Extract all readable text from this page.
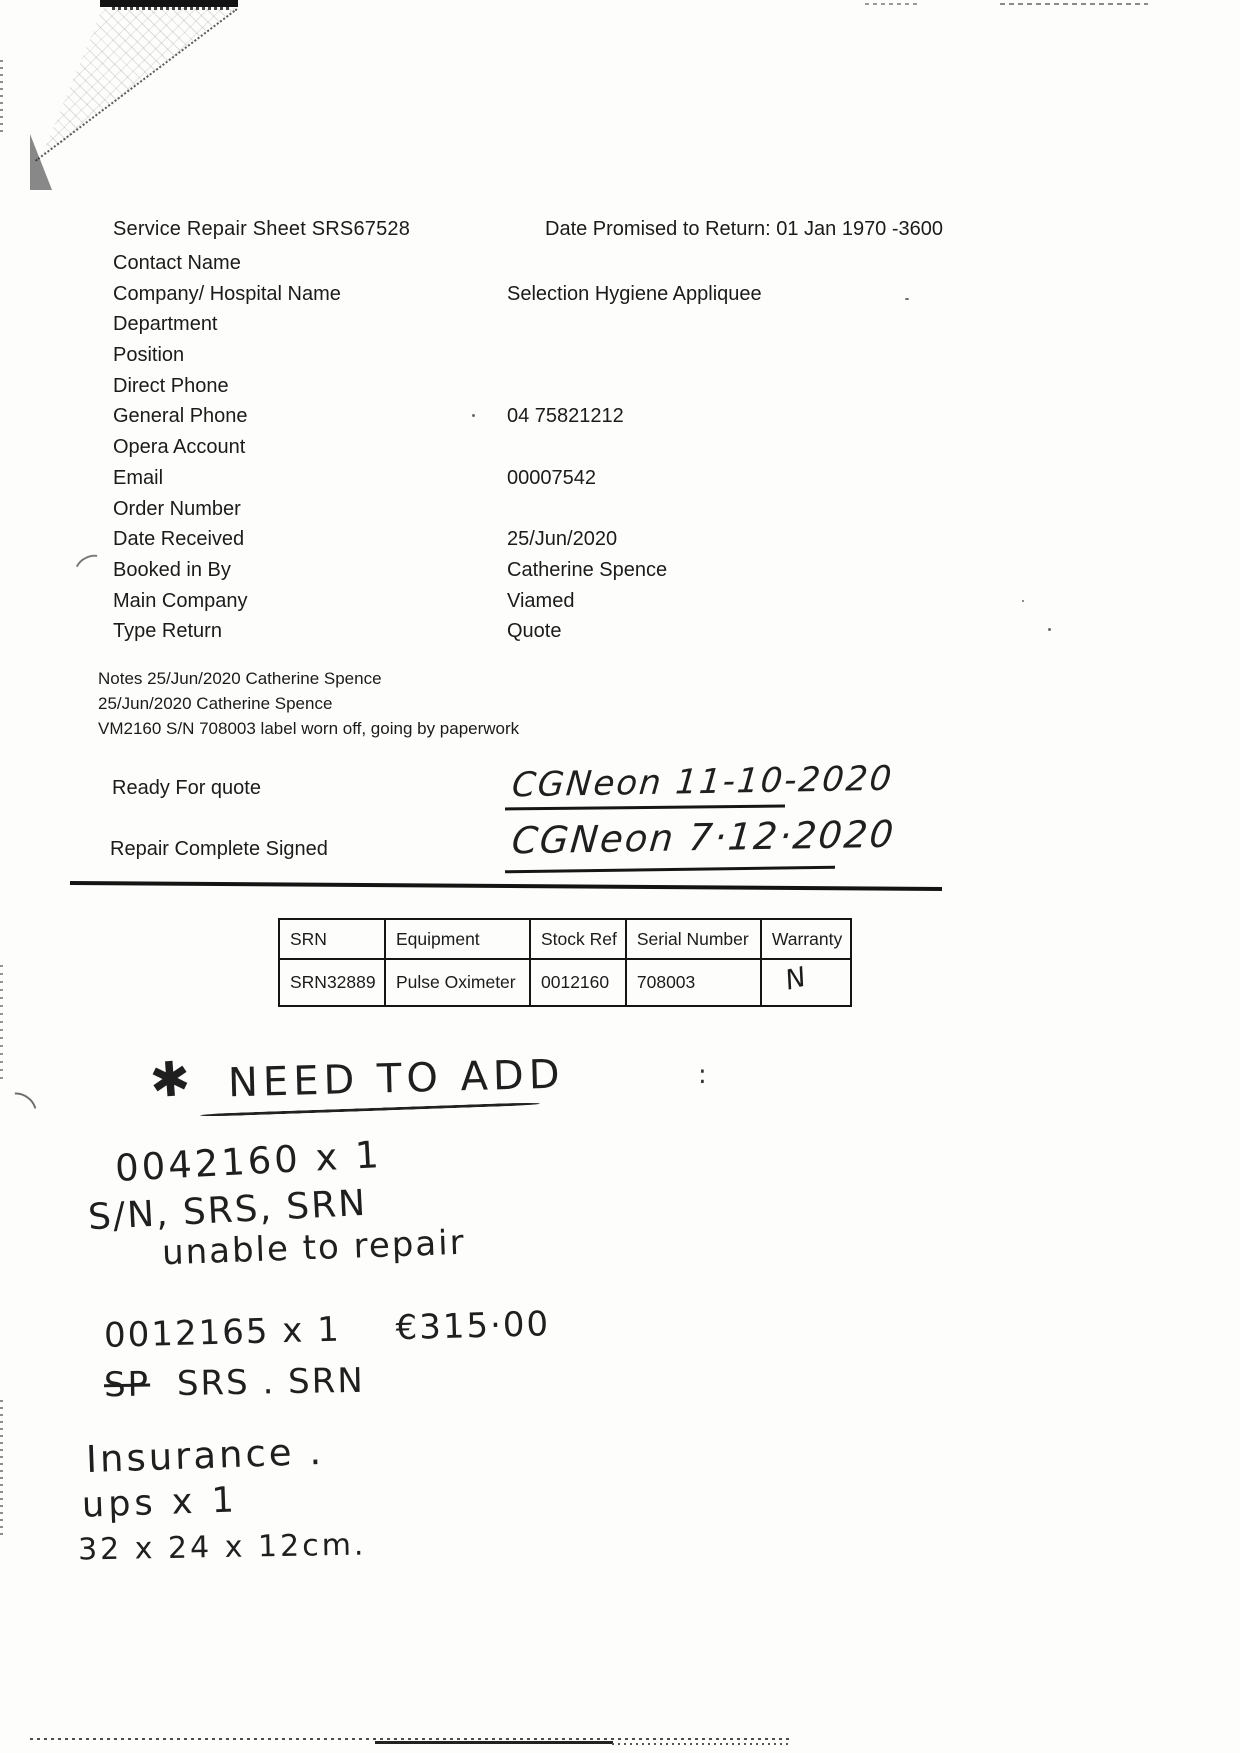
Service Repair Sheet SRS67528	Date Promised to Return: 01 Jan 1970 -3600
Contact Name
Company/ Hospital Name	Selection Hygiene Appliquee
Department
Position
Direct Phone
General Phone	04 75821212
Opera Account
Email	00007542
Order Number
Date Received	25/Jun/2020
Booked in By	Catherine Spence
Main Company	Viamed
Type Return	Quote
Notes 25/Jun/2020 Catherine Spence
25/Jun/2020 Catherine Spence
VM2160 S/N 708003 label worn off, going by paperwork
Ready For quote	CGNeon 11-10-2020
Repair Complete Signed	CGNeon 7·12·2020
SRN	Equipment	Stock Ref	Serial Number	Warranty
SRN32889	Pulse Oximeter	0012160	708003	N
✱ NEED TO ADD
0042160 x 1
S/N, SRS, SRN
unable to repair
0012165 x 1 €315·00
SP SRS . SRN
Insurance .
ups x 1
32 x 24 x 12cm.
:
